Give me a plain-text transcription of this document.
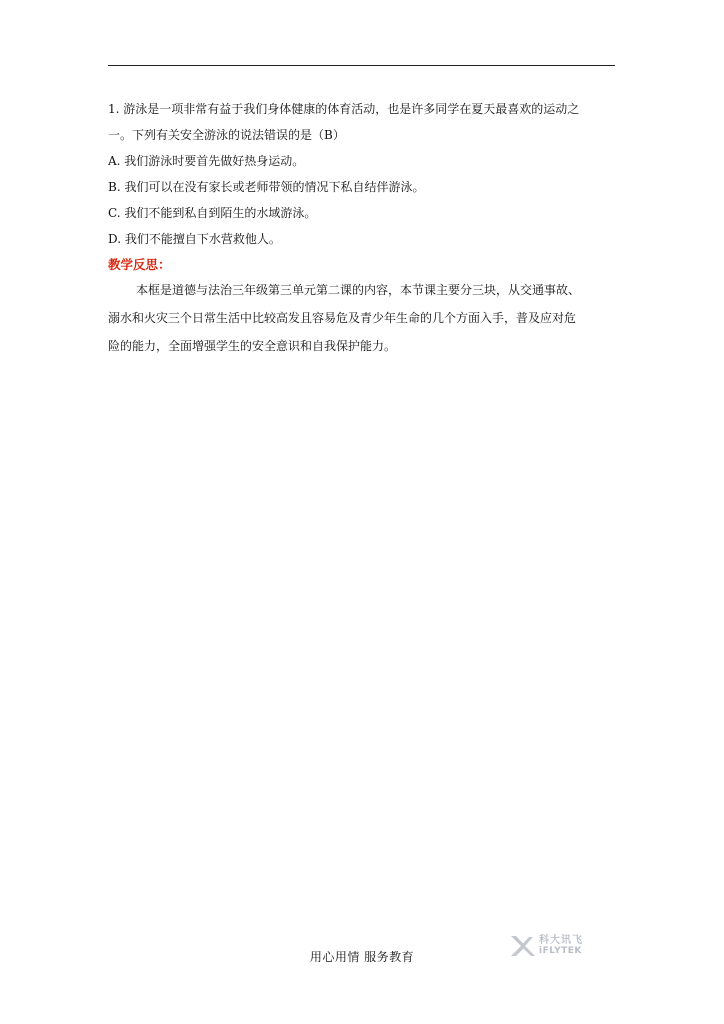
1. 游泳是一项非常有益于我们身体健康的体育活动，也是许多同学在夏天最喜欢的运动之
一。下列有关安全游泳的说法错误的是（B）
A. 我们游泳时要首先做好热身运动。
B. 我们可以在没有家长或老师带领的情况下私自结伴游泳。
C. 我们不能到私自到陌生的水域游泳。
D. 我们不能擅自下水营救他人。
教学反思：
本框是道德与法治三年级第三单元第二课的内容，本节课主要分三块，从交通事故、
溺水和火灾三个日常生活中比较高发且容易危及青少年生命的几个方面入手，普及应对危
险的能力，全面增强学生的安全意识和自我保护能力。
用心用情 服务教育
科大讯飞
iFLYTEK
